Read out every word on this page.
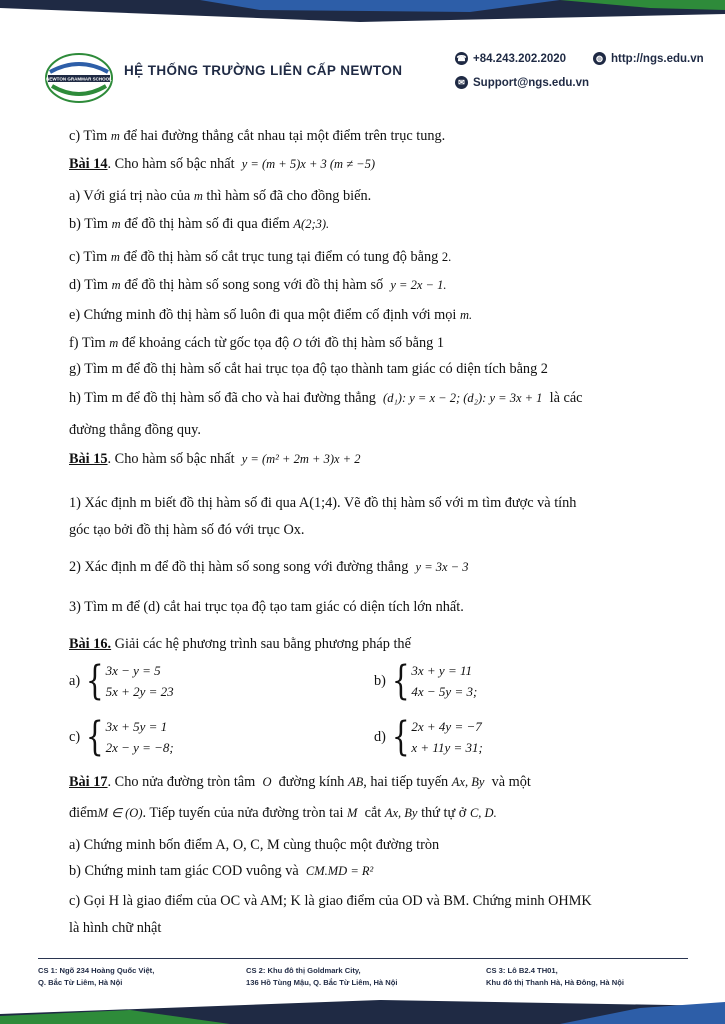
NEWTON GRAMMAR SCHOOL
HỆ THỐNG TRƯỜNG LIÊN CẤP NEWTON
☎ +84.243.202.2020	◍ http://ngs.edu.vn
✉ Support@ngs.edu.vn
c) Tìm m để hai đường thẳng cắt nhau tại một điểm trên trục tung.
Bài 14. Cho hàm số bậc nhất y = (m + 5)x + 3 (m ≠ −5)
a) Với giá trị nào của m thì hàm số đã cho đồng biến.
b) Tìm m để đồ thị hàm số đi qua điểm A(2;3).
c) Tìm m để đồ thị hàm số cắt trục tung tại điểm có tung độ bằng 2.
d) Tìm m để đồ thị hàm số song song với đồ thị hàm số y = 2x − 1.
e) Chứng minh đồ thị hàm số luôn đi qua một điểm cố định với mọi m.
f) Tìm m để khoảng cách từ gốc tọa độ O tới đồ thị hàm số bằng 1
g) Tìm m để đồ thị hàm số cắt hai trục tọa độ tạo thành tam giác có diện tích bằng 2
h) Tìm m để đồ thị hàm số đã cho và hai đường thẳng (d₁): y = x − 2; (d₂): y = 3x + 1 là các
đường thẳng đồng quy.
Bài 15. Cho hàm số bậc nhất y = (m² + 2m + 3)x + 2
1) Xác định m biết đồ thị hàm số đi qua A(1;4). Vẽ đồ thị hàm số với m tìm được và tính
góc tạo bởi đồ thị hàm số đó với trục Ox.
2) Xác định m để đồ thị hàm số song song với đường thẳng y = 3x − 3
3) Tìm m để (d) cắt hai trục tọa độ tạo tam giác có diện tích lớn nhất.
Bài 16. Giải các hệ phương trình sau bằng phương pháp thế
a) { 3x − y = 5
5x + 2y = 23
b) { 3x + y = 11
4x − 5y = 3;
c) { 3x + 5y = 1
2x − y = −8;
d) { 2x + 4y = −7
x + 11y = 31;
Bài 17. Cho nửa đường tròn tâm O đường kính AB, hai tiếp tuyến Ax, By và một
điểmM ∈ (O). Tiếp tuyến của nửa đường tròn tai M cắt Ax, By thứ tự ở C, D.
a) Chứng minh bốn điểm A, O, C, M cùng thuộc một đường tròn
b) Chứng minh tam giác COD vuông và CM.MD = R²
c) Gọi H là giao điểm của OC và AM; K là giao điểm của OD và BM. Chứng minh OHMK
là hình chữ nhật
CS 1: Ngõ 234 Hoàng Quốc Việt,
Q. Bắc Từ Liêm, Hà Nội
CS 2: Khu đô thị Goldmark City,
136 Hồ Tùng Mậu, Q. Bắc Từ Liêm, Hà Nội
CS 3: Lô B2.4 TH01,
Khu đô thị Thanh Hà, Hà Đông, Hà Nội
